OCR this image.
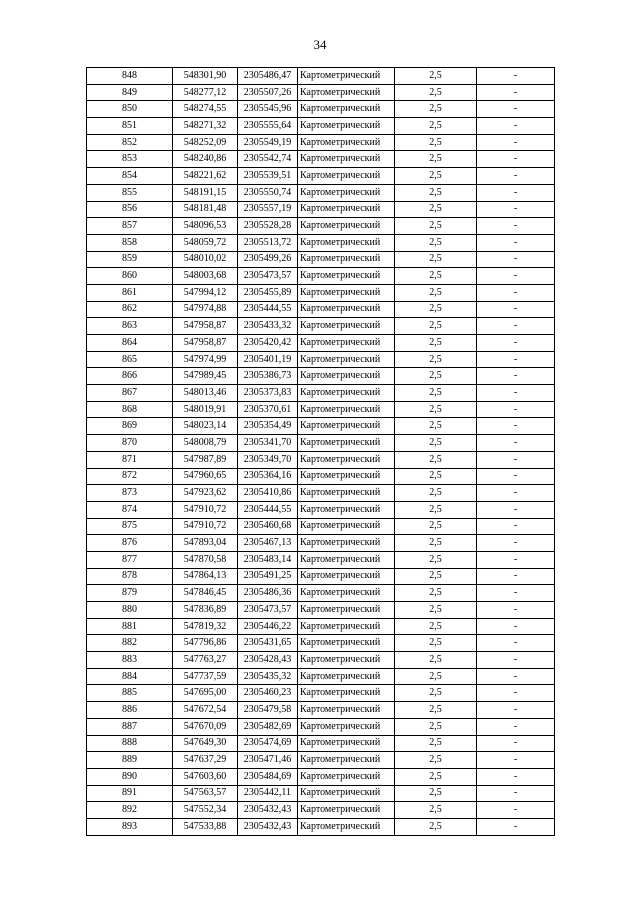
34
848	548301,90	2305486,47	Картометрический	2,5	-
849	548277,12	2305507,26	Картометрический	2,5	-
850	548274,55	2305545,96	Картометрический	2,5	-
851	548271,32	2305555,64	Картометрический	2,5	-
852	548252,09	2305549,19	Картометрический	2,5	-
853	548240,86	2305542,74	Картометрический	2,5	-
854	548221,62	2305539,51	Картометрический	2,5	-
855	548191,15	2305550,74	Картометрический	2,5	-
856	548181,48	2305557,19	Картометрический	2,5	-
857	548096,53	2305528,28	Картометрический	2,5	-
858	548059,72	2305513,72	Картометрический	2,5	-
859	548010,02	2305499,26	Картометрический	2,5	-
860	548003,68	2305473,57	Картометрический	2,5	-
861	547994,12	2305455,89	Картометрический	2,5	-
862	547974,88	2305444,55	Картометрический	2,5	-
863	547958,87	2305433,32	Картометрический	2,5	-
864	547958,87	2305420,42	Картометрический	2,5	-
865	547974,99	2305401,19	Картометрический	2,5	-
866	547989,45	2305386,73	Картометрический	2,5	-
867	548013,46	2305373,83	Картометрический	2,5	-
868	548019,91	2305370,61	Картометрический	2,5	-
869	548023,14	2305354,49	Картометрический	2,5	-
870	548008,79	2305341,70	Картометрический	2,5	-
871	547987,89	2305349,70	Картометрический	2,5	-
872	547960,65	2305364,16	Картометрический	2,5	-
873	547923,62	2305410,86	Картометрический	2,5	-
874	547910,72	2305444,55	Картометрический	2,5	-
875	547910,72	2305460,68	Картометрический	2,5	-
876	547893,04	2305467,13	Картометрический	2,5	-
877	547870,58	2305483,14	Картометрический	2,5	-
878	547864,13	2305491,25	Картометрический	2,5	-
879	547846,45	2305486,36	Картометрический	2,5	-
880	547836,89	2305473,57	Картометрический	2,5	-
881	547819,32	2305446,22	Картометрический	2,5	-
882	547796,86	2305431,65	Картометрический	2,5	-
883	547763,27	2305428,43	Картометрический	2,5	-
884	547737,59	2305435,32	Картометрический	2,5	-
885	547695,00	2305460,23	Картометрический	2,5	-
886	547672,54	2305479,58	Картометрический	2,5	-
887	547670,09	2305482,69	Картометрический	2,5	-
888	547649,30	2305474,69	Картометрический	2,5	-
889	547637,29	2305471,46	Картометрический	2,5	-
890	547603,60	2305484,69	Картометрический	2,5	-
891	547563,57	2305442,11	Картометрический	2,5	-
892	547552,34	2305432,43	Картометрический	2,5	-
893	547533,88	2305432,43	Картометрический	2,5	-
